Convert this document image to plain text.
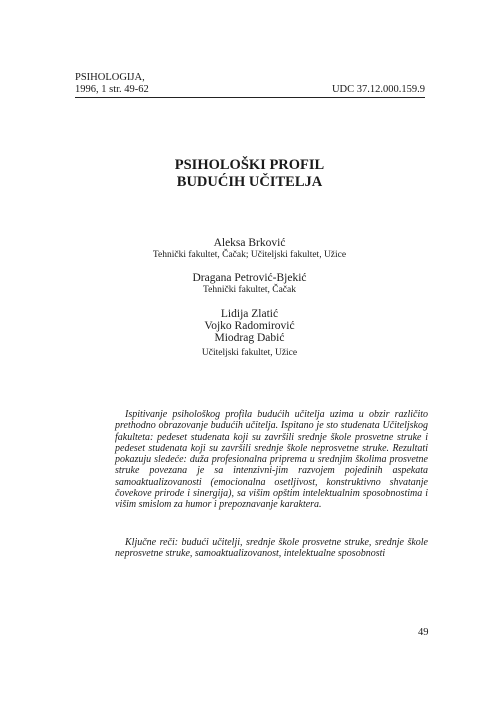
PSIHOLOGIJA,
1996, 1 str. 49-62	UDC 37.12.000.159.9
PSIHOLOŠKI PROFIL
BUDUĆIH UČITELJA
Aleksa Brković
Tehnički fakultet, Čačak; Učiteljski fakultet, Užice
Dragana Petrović-Bjekić
Tehnički fakultet, Čačak
Lidija Zlatić
Vojko Radomirović
Miodrag Dabić
Učiteljski fakultet, Užice

Ispitivanje psihološkog profila budućih učitelja uzima u obzir različito prethodno obrazovanje budućih učitelja. Ispitano je sto studenata Učiteljskog fakulteta: pedeset studenata koji su završili srednje škole prosvetne struke i pedeset studenata koji su završili srednje škole neprosvetne struke. Rezultati pokazuju sledeće: duža profesionalna priprema u srednjim školima prosvetne struke povezana je sa intenzivni-jim razvojem pojedinih aspekata samoaktualizovanosti (emocionalna osetljivost, konstruktivno shvatanje čovekove prirode i sinergija), sa višim opštim intelektualnim sposobnostima i višim smislom za humor i prepoznavanje karaktera.

Ključne reči: budući učitelji, srednje škole prosvetne struke, srednje škole neprosvetne struke, samoaktualizovanost, intelektualne sposobnosti

49
